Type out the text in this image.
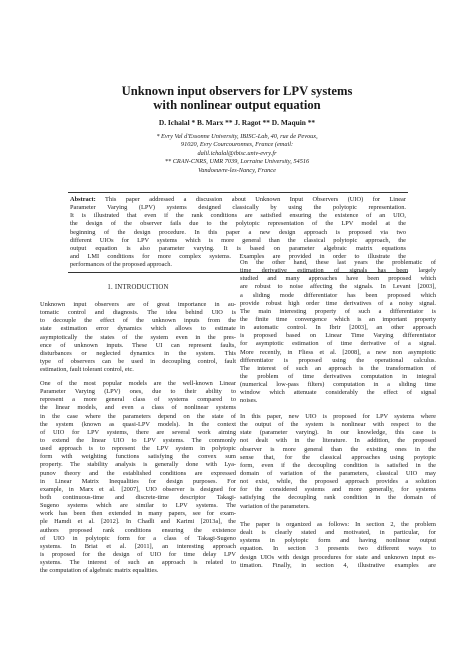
Unknown input observers for LPV systems
with nonlinear output equation
D. Ichalal * B. Marx ** J. Ragot ** D. Maquin **
* Evry Val d'Essonne University, IBISC-Lab, 40, rue de Pevoux,
91020, Evry Courcouronnes, France (email:
dalil.ichalal@ibisc.univ-evry.fr
** CRAN-CNRS, UMR 7039, Lorraine University, 54516
Vandoeuvre-les-Nancy, France
Abstract: This paper addressed a discussion about Unknown Input Observers (UIO) for Linear
Parameter Varying (LPV) systems designed classically by using the polytopic representation.
It is illustrated that even if the rank conditions are satisfied ensuring the existence of an UIO,
the design of the observer fails due to the polytopic representation of the LPV model at the
beginning of the design procedure. In this paper a new design approach is proposed via two
different UIOs for LPV systems which is more general than the classical polytopic approach, the
output equation is also parameter varying. It is based on parameter algebraic matrix equations
and LMI conditions for more complex systems. Examples are provided in order to illustrate the
performances of the proposed approach.
1. INTRODUCTION
Unknown input observers are of great importance in au-
tomatic control and diagnosis. The idea behind UIO is
to decouple the effect of the unknown inputs from the
state estimation error dynamics which allows to estimate
asymptotically the states of the system even in the pres-
ence of unknown inputs. These UI can represent faults,
disturbances or neglected dynamics in the system. This
type of observers can be used in decoupling control, fault
estimation, fault tolerant control, etc.
One of the most popular models are the well-known Linear
Parameter Varying (LPV) ones, due to their ability to
represent a more general class of systems compared to
the linear models, and even a class of nonlinear systems
in the case where the parameters depend on the state of
the system (known as quasi-LPV models). In the context
of UIO for LPV systems, there are several work aiming
to extend the linear UIO to LPV systems. The commonly
used approach is to represent the LPV system in polytopic
form with weighting functions satisfying the convex sum
property. The stability analysis is generally done with Lya-
punov theory and the established conditions are expressed
in Linear Matrix Inequalities for design purposes. For
example, in Marx et al. [2007], UIO observer is designed for
both continuous-time and discrete-time descriptor Takagi-
Sugeno systems which are similar to LPV systems. The
work has been then extended in many papers, see for exam-
ple Hamdi et al. [2012]. In Chadli and Karimi [2013a], the
authors proposed rank conditions ensuring the existence
of UIO in polytopic form for a class of Takagi-Sugeno
systems. In Briat et al. [2011], an interesting approach
is proposed for the design of UIO for time delay LPV
systems. The interest of such an approach is related to
the computation of algebraic matrix equalities.
On the other hand, these last years the problematic of
time derivative estimation of signals has been largely
studied and many approaches have been proposed which
are robust to noise affecting the signals. In Levant [2003],
a sliding mode differentiator has been proposed which
provide robust high order time derivatives of a noisy signal.
The main interesting property of such a differentiator is
the finite time convergence which is an important property
in automatic control. In Ibrir [2003], an other approach
is proposed based on Linear Time Varying differentiator
for asymptotic estimation of time derivative of a signal.
More recently, in Fliess et al. [2008], a new non asymptotic
differentiator is proposed using the operational calculus.
The interest of such an approach is the transformation of
the problem of time derivatives computation in integral
(numerical low-pass filters) computation in a sliding time
window which attenuate considerably the effect of signal
noises.
In this paper, new UIO is proposed for LPV systems where
the output of the system is nonlinear with respect to the
state (parameter varying). In our knowledge, this case is
not dealt with in the literature. In addition, the proposed
observer is more general than the existing ones in the
sense that, for the classical approaches using poytopic
form, even if the decoupling condition is satisfied in the
domain of variation of the parameters, classical UIO may
not exist, while, the proposed approach provides a solution
for the considered systems and more generally, for systems
satisfying the decoupling rank condition in the domain of
variation of the parameters.
The paper is organized as follows: In section 2, the problem
dealt is clearly stated and motivated, in particular, for
systems in polytopic form and having nonlinear output
equation. In section 3 presents two different ways to
design UIOs with design procedures for state and unknown input es-
timation. Finally, in section 4, illustrative examples are
